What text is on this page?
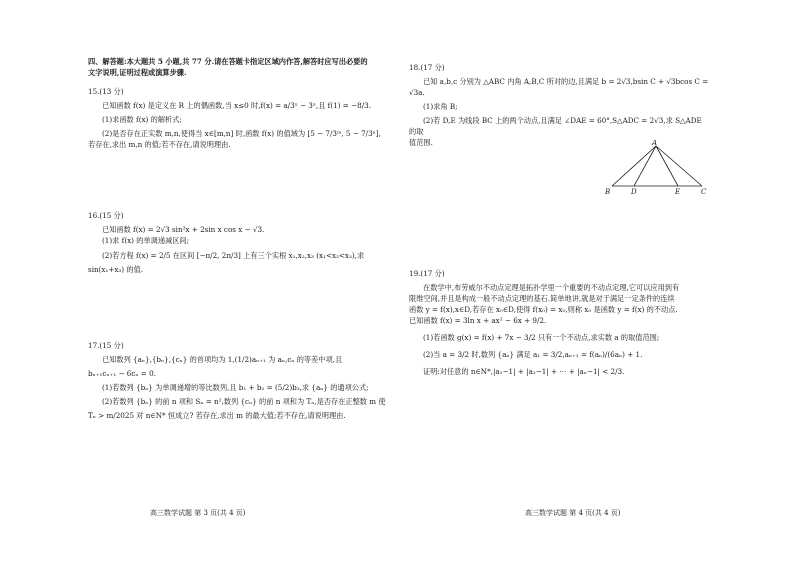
四、解答题:本大题共 5 小题,共 77 分.请在答题卡指定区域内作答,解答时应写出必要的

文字说明,证明过程或演算步骤.

15.(13 分)

已知函数 f(x) 是定义在 R 上的偶函数,当 x≤0 时,f(x) = a/3ˣ − 3ˣ,且 f(1) = −8/3.

(1)求函数 f(x) 的解析式;

(2)是否存在正实数 m,n,使得当 x∈[m,n] 时,函数 f(x) 的值域为 [5 − 7/3ᵐ, 5 − 7/3ⁿ],

若存在,求出 m,n 的值;若不存在,请说明理由.

16.(15 分)

已知函数 f(x) = 2√3 sin²x + 2sin x cos x − √3.

(1)求 f(x) 的单调递减区间;

(2)若方程 f(x) = 2/5 在区间 [−π/2, 2π/3] 上有三个实根 x₁,x₂,x₃ (x₁<x₂<x₃),求

sin(x₁+x₃) 的值.

17.(15 分)

已知数列 {aₙ},{bₙ},{cₙ} 的首项均为 1,(1/2)aₙ₊₁ 为 aₙ,cₙ 的等差中项,且

bₙ₊₁cₙ₊₁ − 6cₙ = 0.

(1)若数列 {bₙ} 为单调递增的等比数列,且 b₁ + b₂ = (5/2)b₃,求 {aₙ} 的通项公式;

(2)若数列 {bₙ} 的前 n 项和 Sₙ = n²,数列 {cₙ} 的前 n 项和为 Tₙ,是否存在正整数 m 使

Tₙ > m/2025 对 n∈N* 恒成立? 若存在,求出 m 的最大值;若不存在,请说明理由.

高三数学试题 第 3 页(共 4 页)

18.(17 分)

已知 a,b,c 分别为 △ABC 内角 A,B,C 所对的边,且满足 b = 2√3,bsin C + √3bcos C =

√3a.

(1)求角 B;

(2)若 D,E 为线段 BC 上的两个动点,且满足 ∠DAE = 60°,S△ADC = 2√3,求 S△ADE 的取

值范围.	A
B	D	E	C

19.(17 分)

在数学中,布劳威尔不动点定理是拓扑学里一个重要的不动点定理,它可以应用到有

限维空间,并且是构成一般不动点定理的基石.简单地讲,就是对于满足一定条件的连续

函数 y = f(x),x∈D,若存在 x₀∈D,使得 f(x₀) = x₀,则称 x₀ 是函数 y = f(x) 的不动点.

已知函数 f(x) = 3ln x + ax² − 6x + 9/2.

(1)若函数 g(x) = f(x) + 7x − 3/2 只有一个不动点,求实数 a 的取值范围;

(2)当 a = 3/2 时,数列 {aₙ} 满足 a₁ = 3/2,aₙ₊₁ = f(aₙ)/(6aₙ) + 1.

证明:对任意的 n∈N*,|a₁−1| + |a₂−1| + ⋯ + |aₙ−1| < 2/3.

高三数学试题 第 4 页(共 4 页)
